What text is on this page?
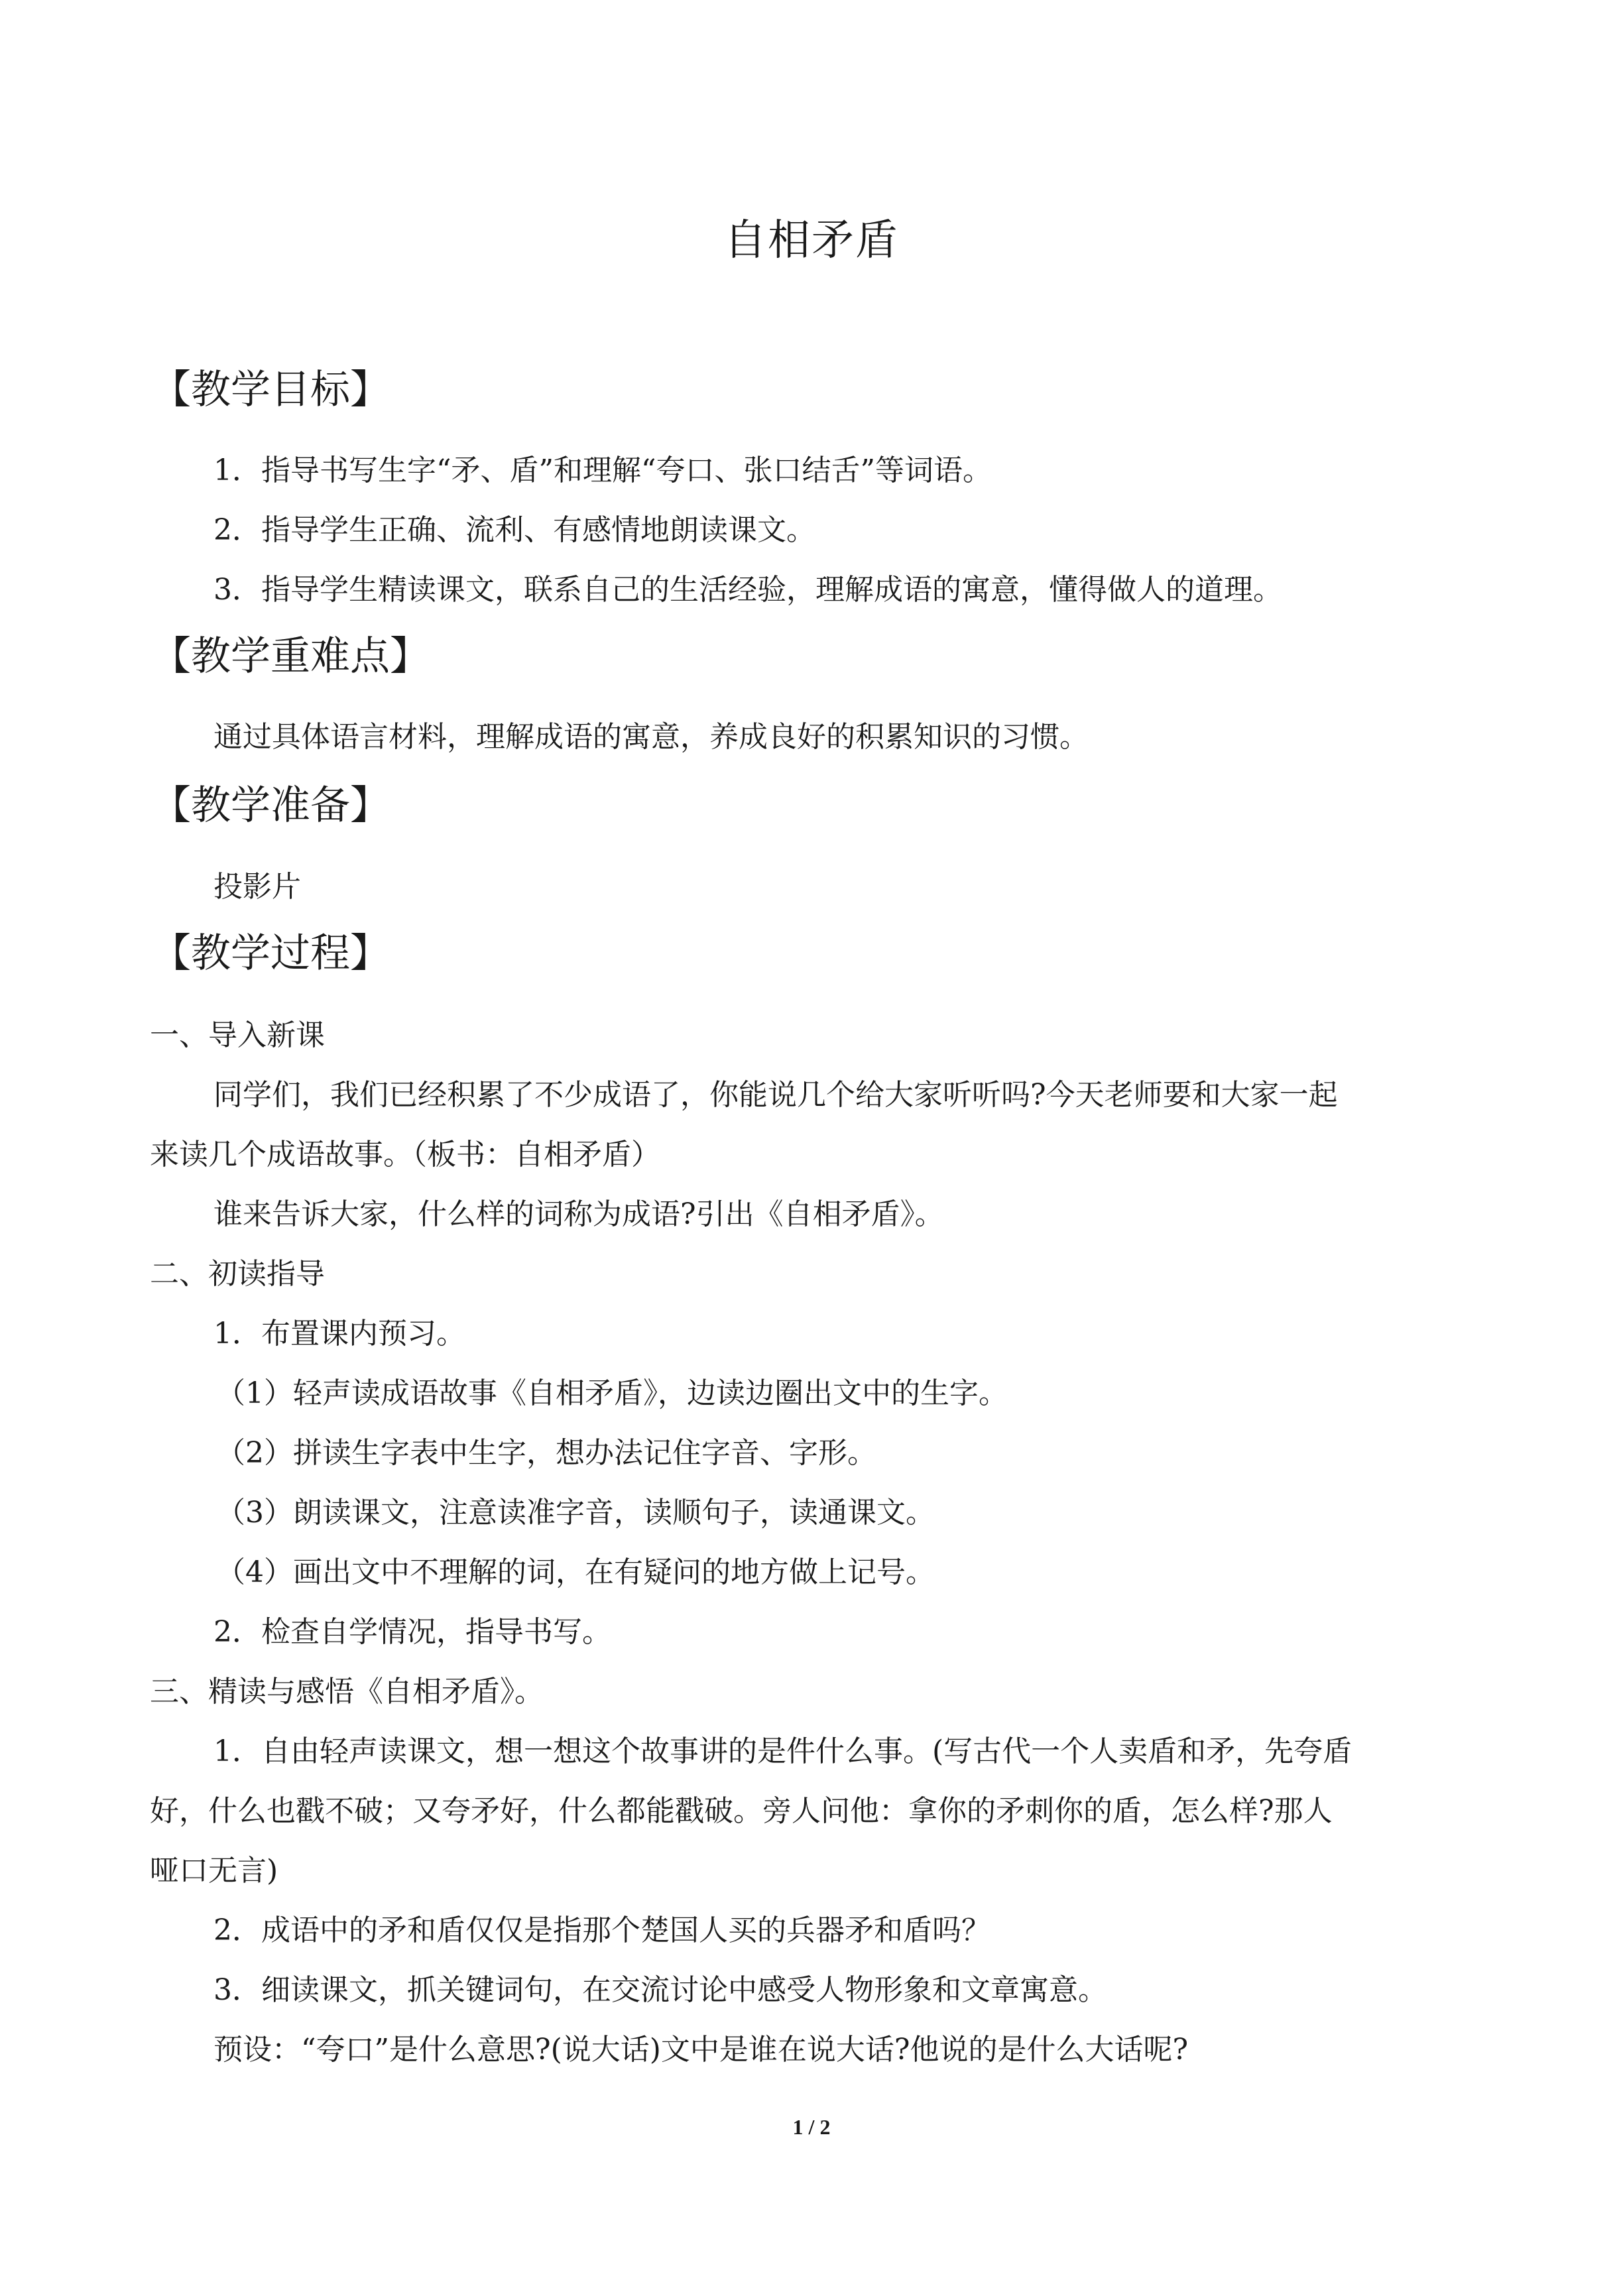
自相矛盾
【教学目标】
1．指导书写生字“矛、盾”和理解“夸口、张口结舌”等词语。
2．指导学生正确、流利、有感情地朗读课文。
3．指导学生精读课文，联系自己的生活经验，理解成语的寓意，懂得做人的道理。
【教学重难点】
通过具体语言材料，理解成语的寓意，养成良好的积累知识的习惯。
【教学准备】
投影片
【教学过程】
一、导入新课
同学们，我们已经积累了不少成语了，你能说几个给大家听听吗?今天老师要和大家一起
来读几个成语故事。（板书：自相矛盾）
谁来告诉大家，什么样的词称为成语?引出《自相矛盾》。
二、初读指导
1．布置课内预习。
（1）轻声读成语故事《自相矛盾》，边读边圈出文中的生字。
（2）拼读生字表中生字，想办法记住字音、字形。
（3）朗读课文，注意读准字音，读顺句子，读通课文。
（4）画出文中不理解的词，在有疑问的地方做上记号。
2．检查自学情况，指导书写。
三、精读与感悟《自相矛盾》。
1．自由轻声读课文，想一想这个故事讲的是件什么事。(写古代一个人卖盾和矛，先夸盾
好，什么也戳不破；又夸矛好，什么都能戳破。旁人问他：拿你的矛刺你的盾，怎么样?那人
哑口无言)
2．成语中的矛和盾仅仅是指那个楚国人买的兵器矛和盾吗？
3．细读课文，抓关键词句，在交流讨论中感受人物形象和文章寓意。
预设：“夸口”是什么意思?(说大话)文中是谁在说大话?他说的是什么大话呢?
1 / 2
